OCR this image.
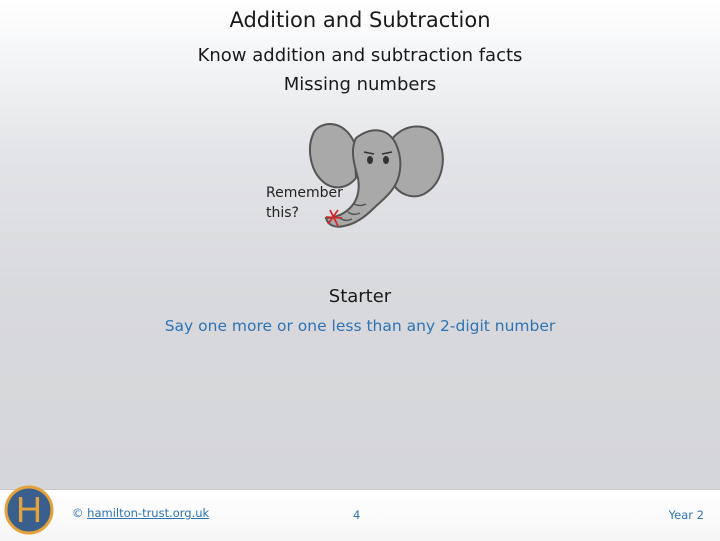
Addition and Subtraction
Know addition and subtraction facts
Missing numbers
Remember
this?
Starter
Say one more or one less than any 2-digit number
H	© hamilton-trust.org.uk	4	Year 2
